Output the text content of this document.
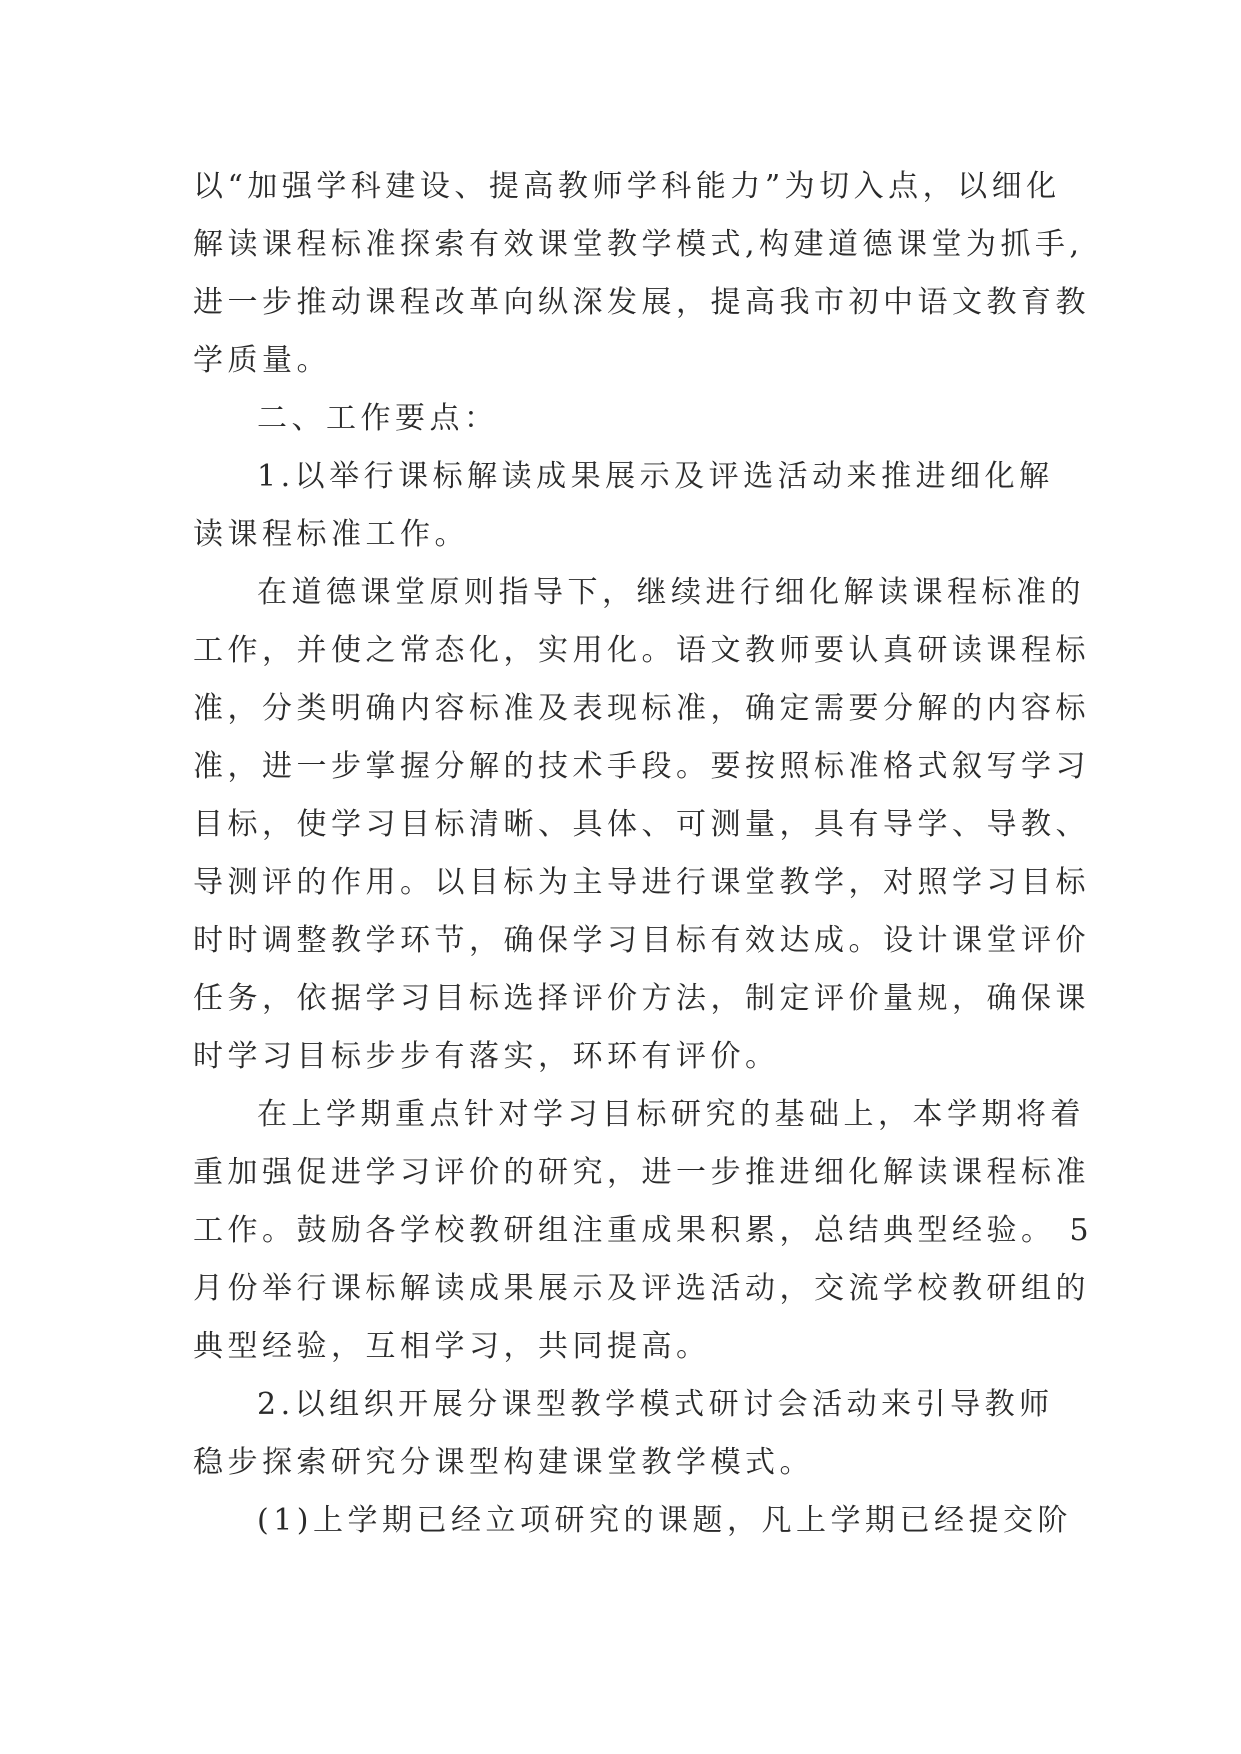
以“加强学科建设、提高教师学科能力”为切入点，以细化
解读课程标准探索有效课堂教学模式,构建道德课堂为抓手,
进一步推动课程改革向纵深发展，提高我市初中语文教育教
学质量。
二、工作要点：
1.以举行课标解读成果展示及评选活动来推进细化解
读课程标准工作。
在道德课堂原则指导下，继续进行细化解读课程标准的
工作，并使之常态化，实用化。语文教师要认真研读课程标
准，分类明确内容标准及表现标准，确定需要分解的内容标
准，进一步掌握分解的技术手段。要按照标准格式叙写学习
目标，使学习目标清晰、具体、可测量，具有导学、导教、
导测评的作用。以目标为主导进行课堂教学，对照学习目标
时时调整教学环节，确保学习目标有效达成。设计课堂评价
任务，依据学习目标选择评价方法，制定评价量规，确保课
时学习目标步步有落实，环环有评价。
在上学期重点针对学习目标研究的基础上，本学期将着
重加强促进学习评价的研究，进一步推进细化解读课程标准
工作。鼓励各学校教研组注重成果积累，总结典型经验。 5
月份举行课标解读成果展示及评选活动，交流学校教研组的
典型经验，互相学习，共同提高。
2.以组织开展分课型教学模式研讨会活动来引导教师
稳步探索研究分课型构建课堂教学模式。
(1)上学期已经立项研究的课题，凡上学期已经提交阶
